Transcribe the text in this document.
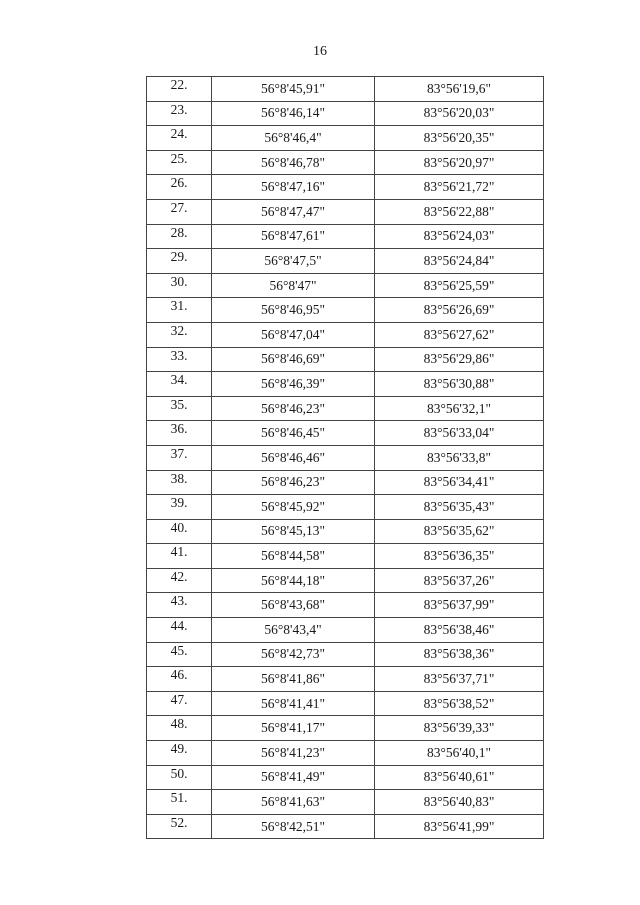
16
22.	56°8'45,91"	83°56'19,6"
23.	56°8'46,14"	83°56'20,03"
24.	56°8'46,4"	83°56'20,35"
25.	56°8'46,78"	83°56'20,97"
26.	56°8'47,16"	83°56'21,72"
27.	56°8'47,47"	83°56'22,88"
28.	56°8'47,61"	83°56'24,03"
29.	56°8'47,5"	83°56'24,84"
30.	56°8'47"	83°56'25,59"
31.	56°8'46,95"	83°56'26,69"
32.	56°8'47,04"	83°56'27,62"
33.	56°8'46,69"	83°56'29,86"
34.	56°8'46,39"	83°56'30,88"
35.	56°8'46,23"	83°56'32,1"
36.	56°8'46,45"	83°56'33,04"
37.	56°8'46,46"	83°56'33,8"
38.	56°8'46,23"	83°56'34,41"
39.	56°8'45,92"	83°56'35,43"
40.	56°8'45,13"	83°56'35,62"
41.	56°8'44,58"	83°56'36,35"
42.	56°8'44,18"	83°56'37,26"
43.	56°8'43,68"	83°56'37,99"
44.	56°8'43,4"	83°56'38,46"
45.	56°8'42,73"	83°56'38,36"
46.	56°8'41,86"	83°56'37,71"
47.	56°8'41,41"	83°56'38,52"
48.	56°8'41,17"	83°56'39,33"
49.	56°8'41,23"	83°56'40,1"
50.	56°8'41,49"	83°56'40,61"
51.	56°8'41,63"	83°56'40,83"
52.	56°8'42,51"	83°56'41,99"
